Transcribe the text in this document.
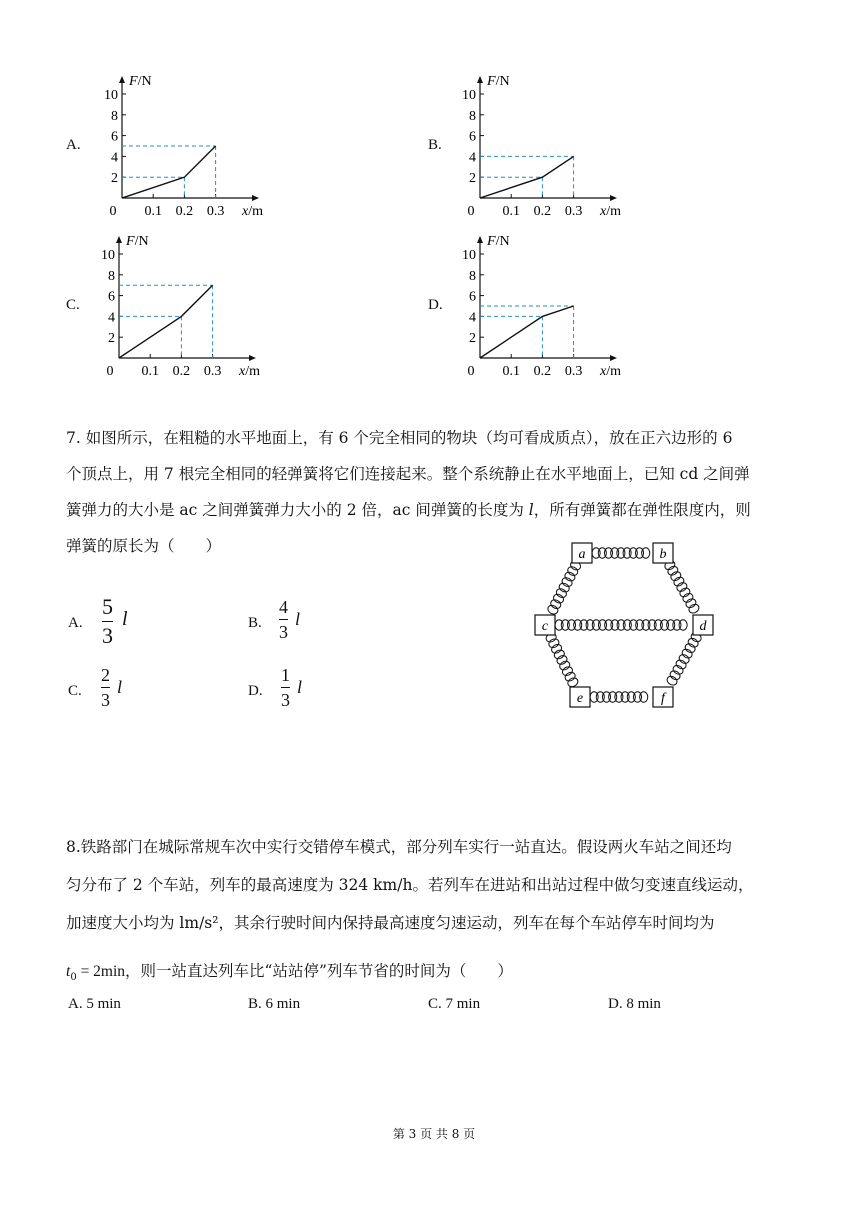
A.
2
4
6
8
10
0.1 0.2 0.3
0
F/N
x/m
B.
2
4
6
8
10
0.1 0.2 0.3
0
F/N
x/m
C.
2
4
6
8
10
0.1 0.2 0.3
0
F/N
x/m
D.
2
4
6
8
10
0.1 0.2 0.3
0
F/N
x/m
7. 如图所示，在粗糙的水平地面上，有 6 个完全相同的物块（均可看成质点），放在正六边形的 6
个顶点上，用 7 根完全相同的轻弹簧将它们连接起来。整个系统静止在水平地面上，已知 cd 之间弹
簧弹力的大小是 ac 之间弹簧弹力大小的 2 倍，ac 间弹簧的长度为 l，所有弹簧都在弹性限度内，则
弹簧的原长为（　　）
A.
5
3
l	B.
4
3
l
C.
2
3
l	D.
1
3
l
a	b
c	d
e	f
8.铁路部门在城际常规车次中实行交错停车模式，部分列车实行一站直达。假设两火车站之间还均
匀分布了 2 个车站，列车的最高速度为 324 km/h。若列车在进站和出站过程中做匀变速直线运动，
加速度大小均为 lm/s²，其余行驶时间内保持最高速度匀速运动，列车在每个车站停车时间均为
$t_0 = 2\min$，则一站直达列车比“站站停”列车节省的时间为（　　）
A. 5 min	B. 6 min	C. 7 min	D. 8 min
第 3 页 共 8 页
